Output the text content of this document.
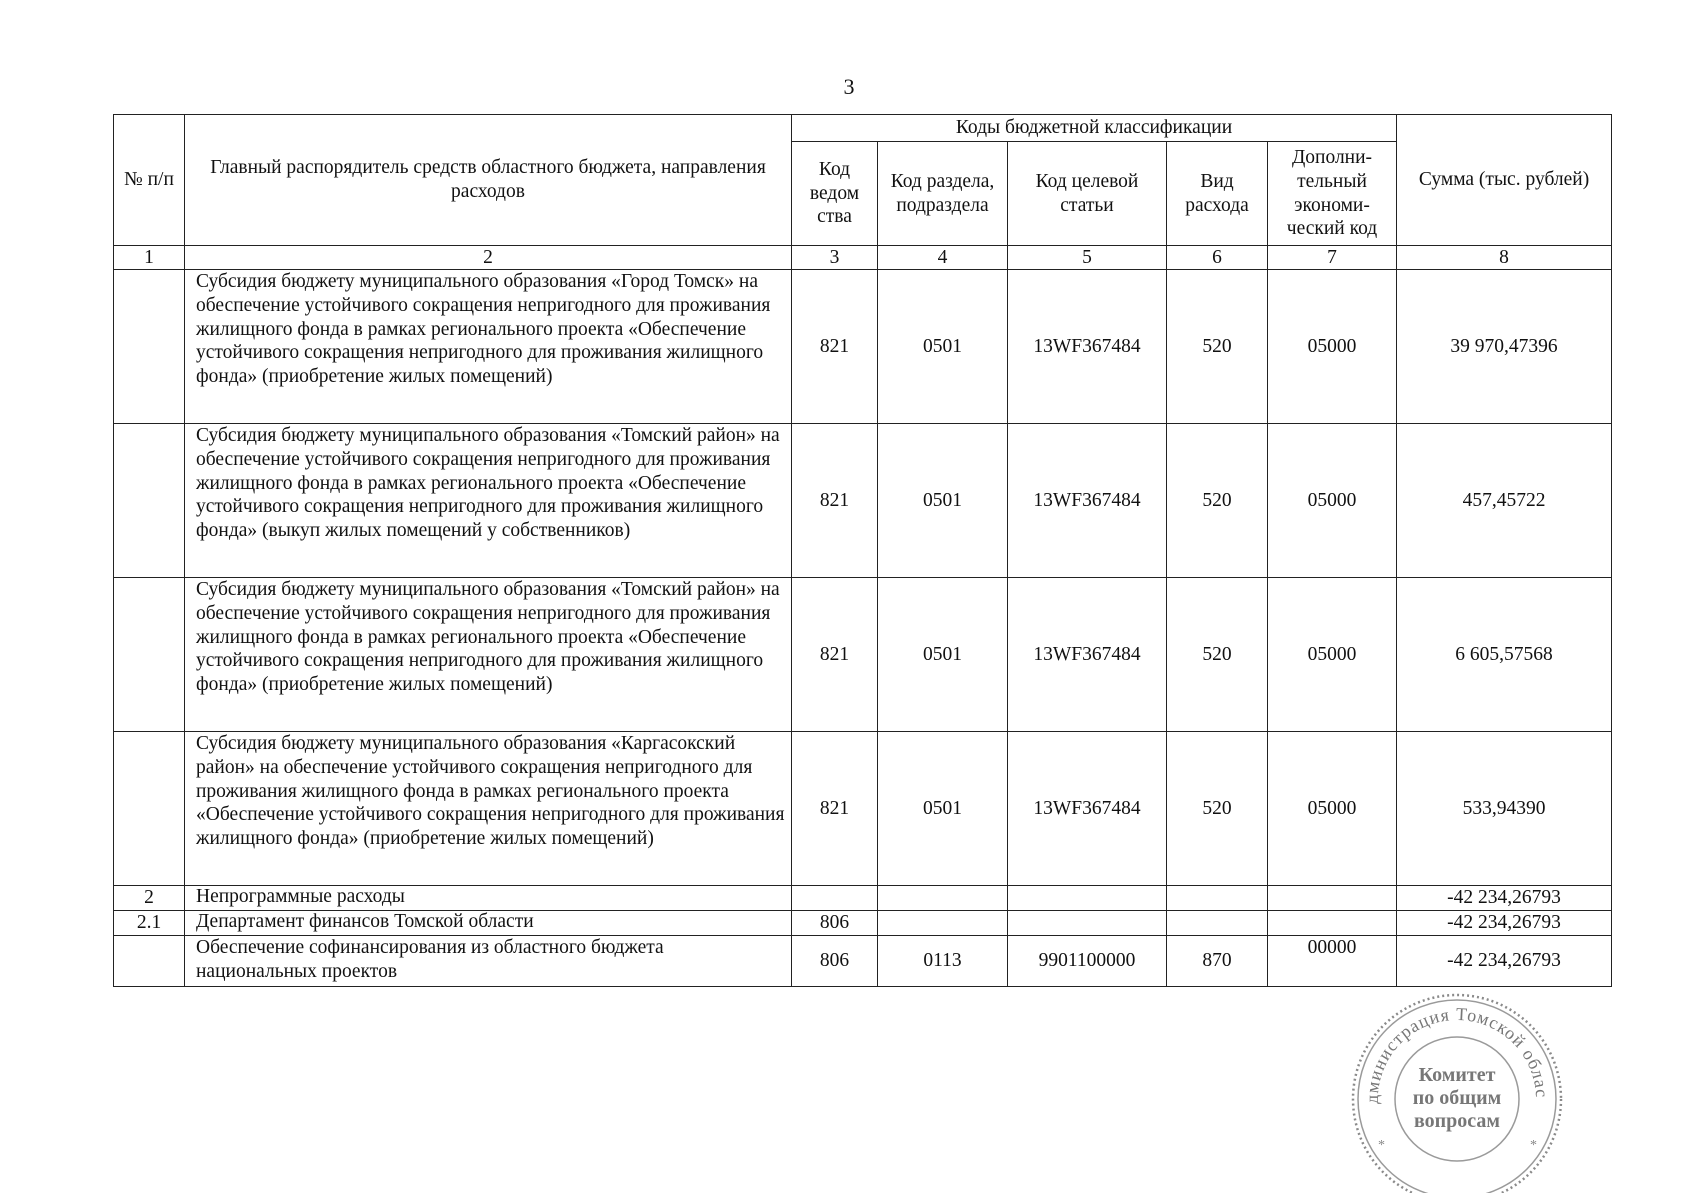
3
№ п/п	Главный распорядитель средств областного бюджета, направления расходов	Коды бюджетной классификации					Сумма (тыс. рублей)
		Код ведом ства	Код раздела, подраздела	Код целевой статьи	Вид расхода	Дополни-тельный экономи-ческий код	
1	2	3	4	5	6	7	8
	Субсидия бюджету муниципального образования «Город Томск» на обеспечение устойчивого сокращения непригодного для проживания жилищного фонда в рамках регионального проекта «Обеспечение устойчивого сокращения непригодного для проживания жилищного фонда» (приобретение жилых помещений)	821	0501	13WF367484	520	05000	39 970,47396
	Субсидия бюджету муниципального образования «Томский район» на обеспечение устойчивого сокращения непригодного для проживания жилищного фонда в рамках регионального проекта «Обеспечение устойчивого сокращения непригодного для проживания жилищного фонда» (выкуп жилых помещений у собственников)	821	0501	13WF367484	520	05000	457,45722
	Субсидия бюджету муниципального образования «Томский район» на обеспечение устойчивого сокращения непригодного для проживания жилищного фонда в рамках регионального проекта «Обеспечение устойчивого сокращения непригодного для проживания жилищного фонда» (приобретение жилых помещений)	821	0501	13WF367484	520	05000	6 605,57568
	Субсидия бюджету муниципального образования «Каргасокский район» на обеспечение устойчивого сокращения непригодного для проживания жилищного фонда в рамках регионального проекта «Обеспечение устойчивого сокращения непригодного для проживания жилищного фонда» (приобретение жилых помещений)	821	0501	13WF367484	520	05000	533,94390
2	Непрограммные расходы						-42 234,26793
2.1	Департамент финансов Томской области	806					-42 234,26793
	Обеспечение софинансирования из областного бюджета национальных проектов	806	0113	9901100000	870	00000	-42 234,26793
дминистрация Томской облас
Комитет
по общим
вопросам
*	*
